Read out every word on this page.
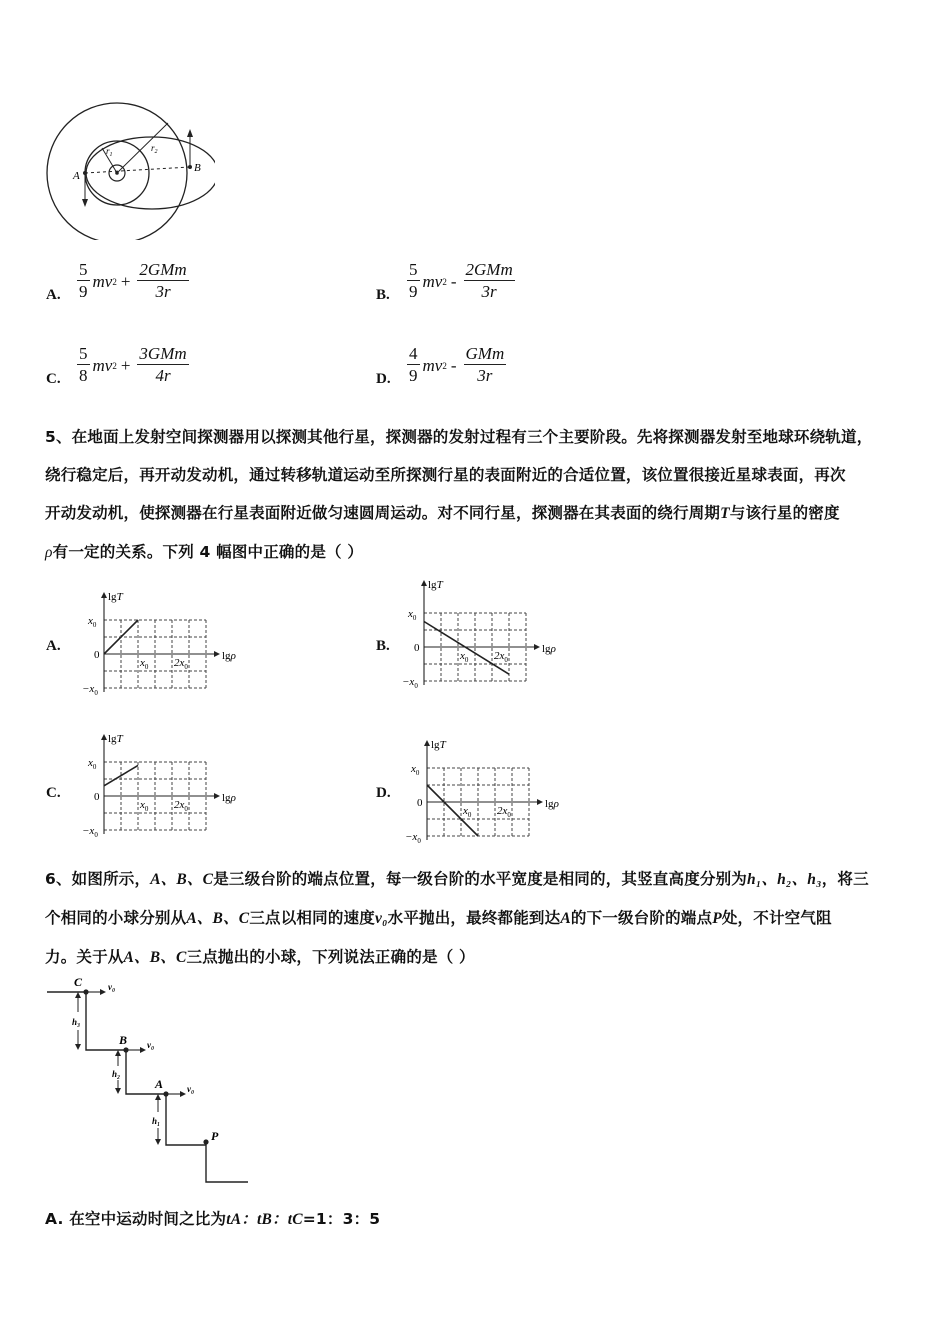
A
B
$r_1$
$r_2$
A.
5
9
mv 2 +
2GMm
3r	B.
5
9
mv 2 -
2GMm
3r
C.
5
8
mv 2 +
3GMm
4r	D.
4
9
mv 2 -
GMm
3r
5、在地面上发射空间探测器用以探测其他行星，探测器的发射过程有三个主要阶段。先将探测器发射至地球环绕轨道，
绕行稳定后，再开动发动机，通过转移轨道运动至所探测行星的表面附近的合适位置，该位置很接近星球表面，再次
开动发动机，使探测器在行星表面附近做匀速圆周运动。对不同行星，探测器在其表面的绕行周期T与该行星的密度
ρ有一定的关系。下列 4 幅图中正确的是（ ）
A.	B.
C.	D.
lgT
lgρ
$x_0$
0
$-x_0$
$x_0$ $2x_0$
lgT
lgρ
$x_0$
0
$-x_0$
$x_0$ $2x_0$
lgT
lgρ
$x_0$
0
$-x_0$
$x_0$ $2x_0$
lgT
lgρ
$x_0$
0
$-x_0$
$x_0$ $2x_0$
6、如图所示，A、B、C是三级台阶的端点位置，每一级台阶的水平宽度是相同的，其竖直高度分别为h₁、h₂、h₃，将三
个相同的小球分别从A、B、C三点以相同的速度v₀水平抛出，最终都能到达A的下一级台阶的端点P处，不计空气阻
力。关于从A、B、C三点抛出的小球，下列说法正确的是（ ）
C
B
A
P
v₀
v₀
v₀
h₃
h₂
h₁
A. 在空中运动时间之比为tA：tB：tC=1：3：5
